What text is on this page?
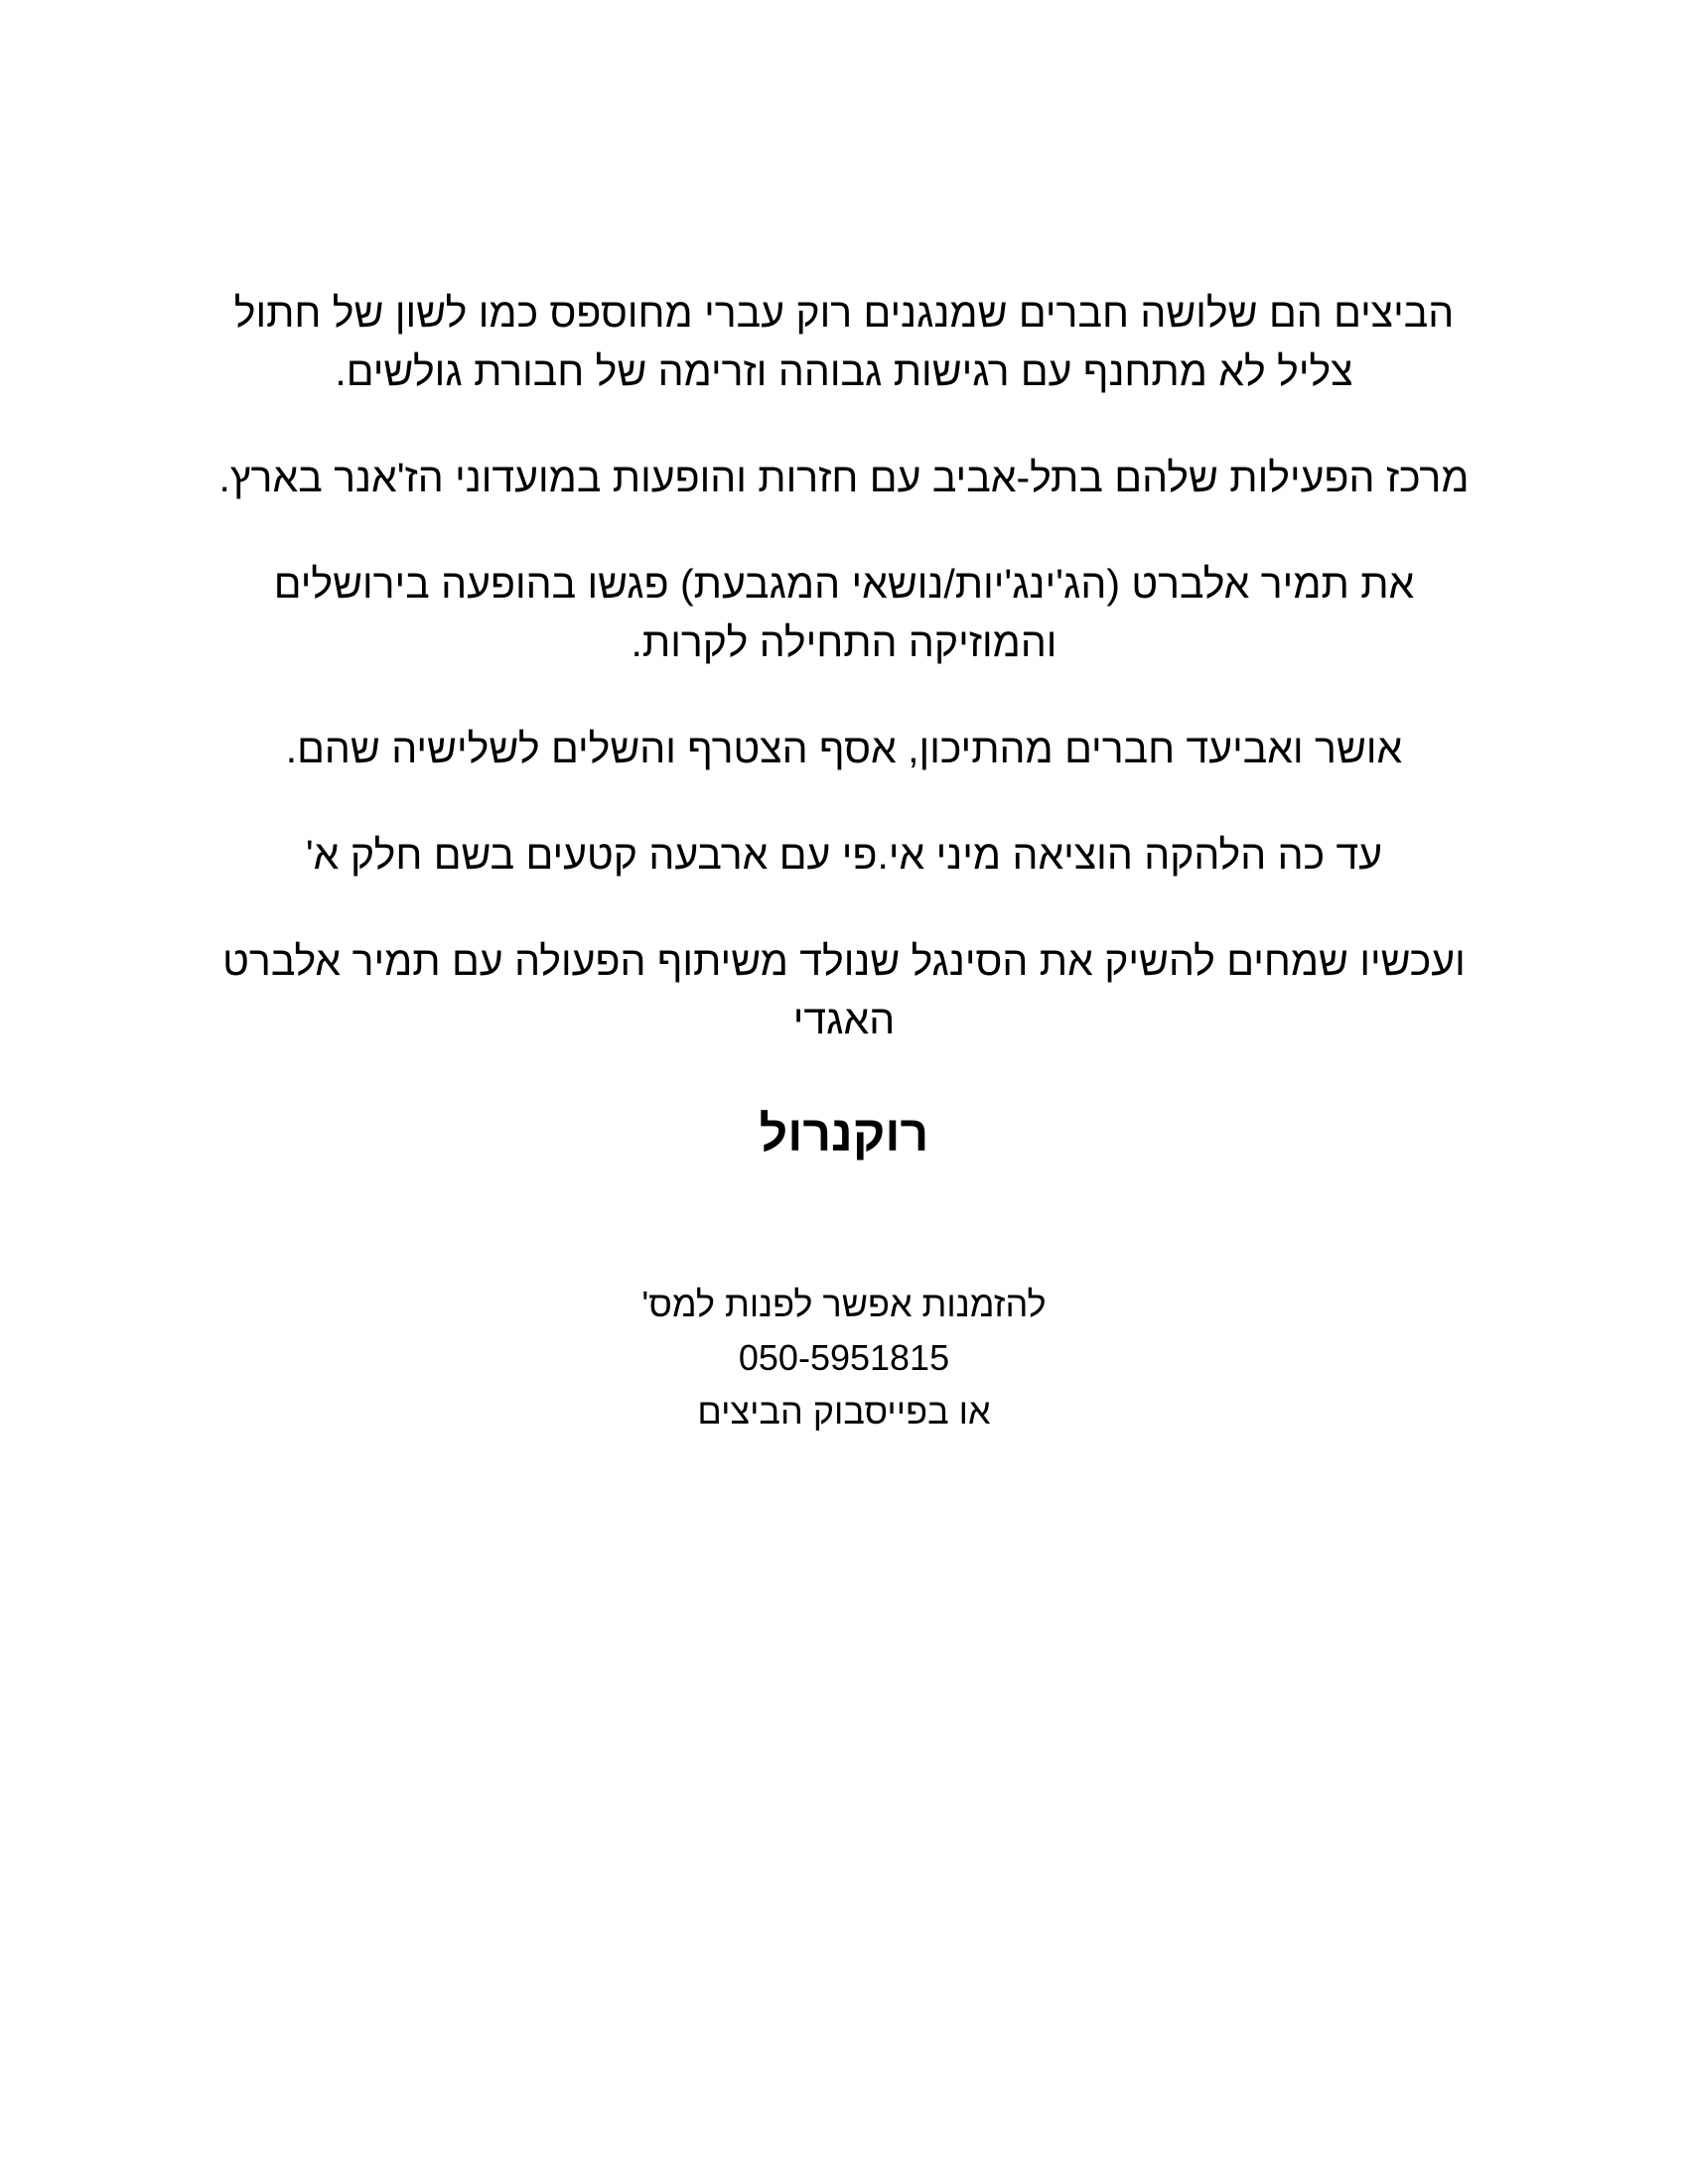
הביצים הם שלושה חברים שמנגנים רוק עברי מחוספס כמו לשון של חתול צליל לא מתחנף עם רגישות גבוהה וזרימה של חבורת גולשים.

מרכז הפעילות שלהם בתל-אביב עם חזרות והופעות במועדוני הז'אנר בארץ.

את תמיר אלברט (הג'ינג'יות/נושאי המגבעת) פגשו בהופעה בירושלים והמוזיקה התחילה לקרות.

אושר ואביעד חברים מהתיכון, אסף הצטרף והשלים לשלישיה שהם.

עד כה הלהקה הוציאה מיני אי.פי עם ארבעה קטעים בשם חלק א'

ועכשיו שמחים להשיק את הסינגל שנולד משיתוף הפעולה עם תמיר אלברט האגדי

רוקנרול
להזמנות אפשר לפנות למס'
050-5951815
או בפייסבוק הביצים
